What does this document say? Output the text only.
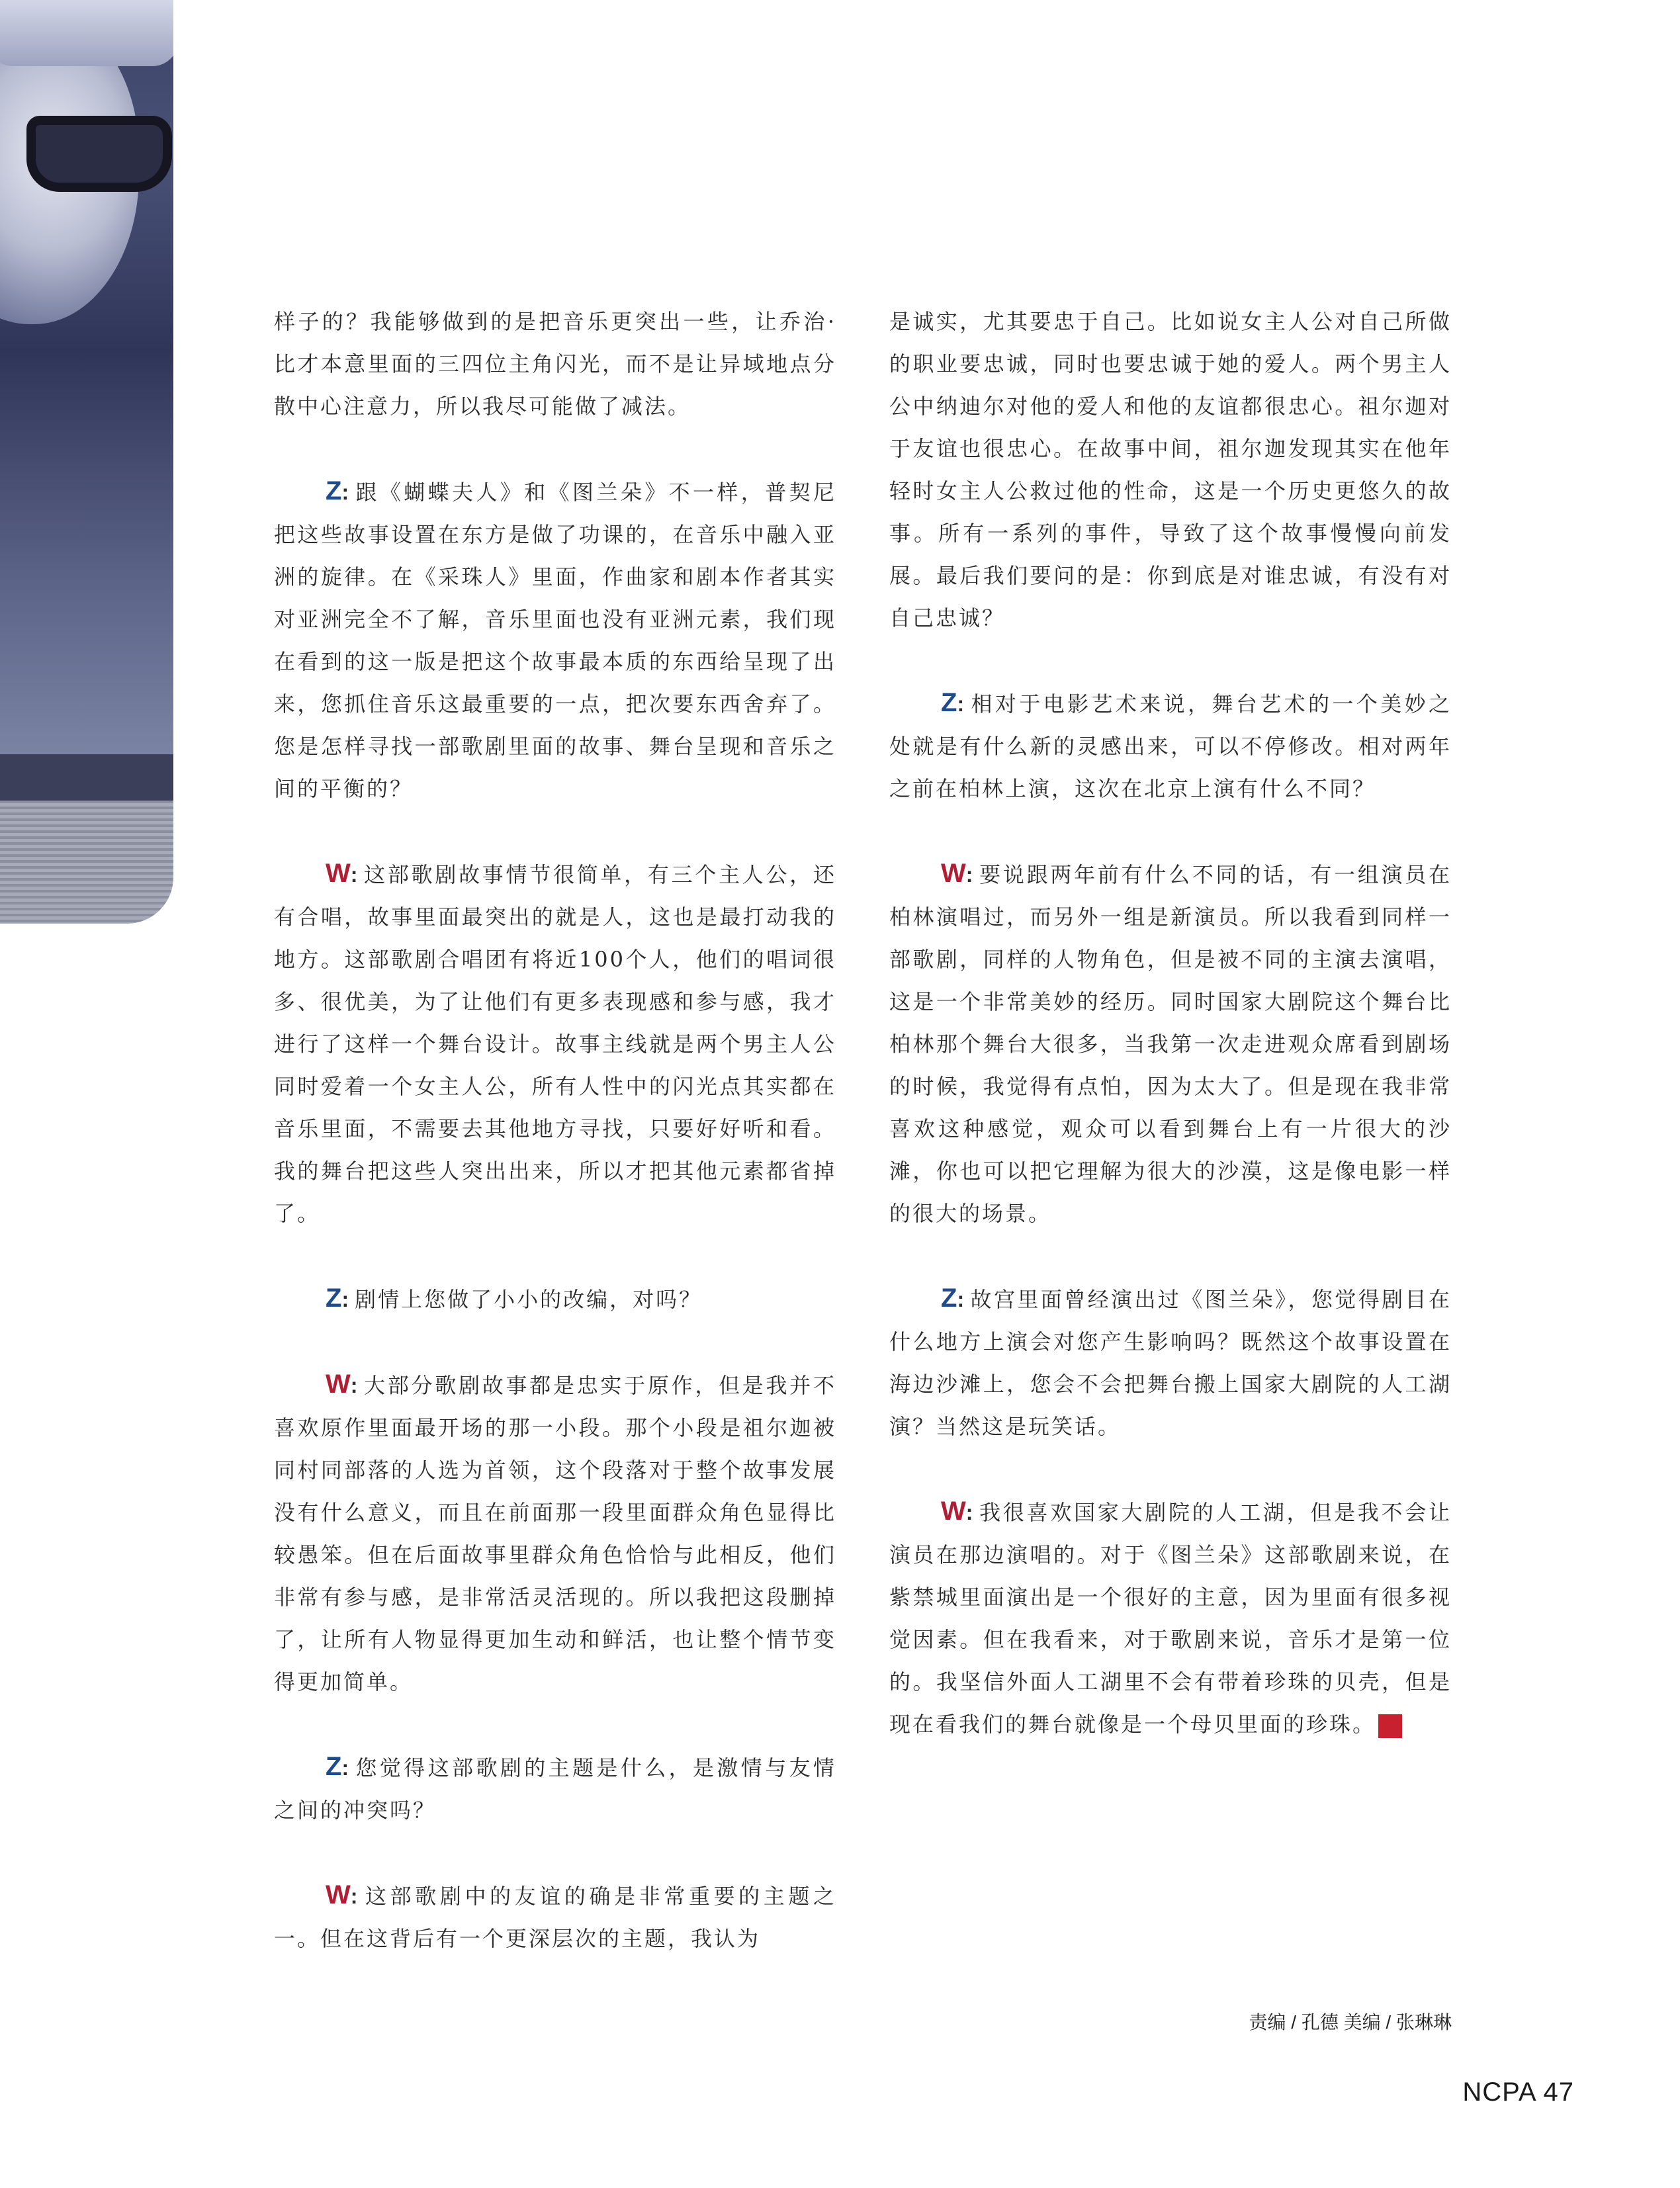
样子的？我能够做到的是把音乐更突出一些，让乔治·比才本意里面的三四位主角闪光，而不是让异域地点分散中心注意力，所以我尽可能做了减法。

Z: 跟《蝴蝶夫人》和《图兰朵》不一样，普契尼把这些故事设置在东方是做了功课的，在音乐中融入亚洲的旋律。在《采珠人》里面，作曲家和剧本作者其实对亚洲完全不了解，音乐里面也没有亚洲元素，我们现在看到的这一版是把这个故事最本质的东西给呈现了出来，您抓住音乐这最重要的一点，把次要东西舍弃了。您是怎样寻找一部歌剧里面的故事、舞台呈现和音乐之间的平衡的？

W: 这部歌剧故事情节很简单，有三个主人公，还有合唱，故事里面最突出的就是人，这也是最打动我的地方。这部歌剧合唱团有将近100个人，他们的唱词很多、很优美，为了让他们有更多表现感和参与感，我才进行了这样一个舞台设计。故事主线就是两个男主人公同时爱着一个女主人公，所有人性中的闪光点其实都在音乐里面，不需要去其他地方寻找，只要好好听和看。我的舞台把这些人突出出来，所以才把其他元素都省掉了。

Z: 剧情上您做了小小的改编，对吗？

W: 大部分歌剧故事都是忠实于原作，但是我并不喜欢原作里面最开场的那一小段。那个小段是祖尔迦被同村同部落的人选为首领，这个段落对于整个故事发展没有什么意义，而且在前面那一段里面群众角色显得比较愚笨。但在后面故事里群众角色恰恰与此相反，他们非常有参与感，是非常活灵活现的。所以我把这段删掉了，让所有人物显得更加生动和鲜活，也让整个情节变得更加简单。

Z: 您觉得这部歌剧的主题是什么，是激情与友情之间的冲突吗？

W: 这部歌剧中的友谊的确是非常重要的主题之一。但在这背后有一个更深层次的主题，我认为

是诚实，尤其要忠于自己。比如说女主人公对自己所做的职业要忠诚，同时也要忠诚于她的爱人。两个男主人公中纳迪尔对他的爱人和他的友谊都很忠心。祖尔迦对于友谊也很忠心。在故事中间，祖尔迦发现其实在他年轻时女主人公救过他的性命，这是一个历史更悠久的故事。所有一系列的事件，导致了这个故事慢慢向前发展。最后我们要问的是：你到底是对谁忠诚，有没有对自己忠诚？

Z: 相对于电影艺术来说，舞台艺术的一个美妙之处就是有什么新的灵感出来，可以不停修改。相对两年之前在柏林上演，这次在北京上演有什么不同？

W: 要说跟两年前有什么不同的话，有一组演员在柏林演唱过，而另外一组是新演员。所以我看到同样一部歌剧，同样的人物角色，但是被不同的主演去演唱，这是一个非常美妙的经历。同时国家大剧院这个舞台比柏林那个舞台大很多，当我第一次走进观众席看到剧场的时候，我觉得有点怕，因为太大了。但是现在我非常喜欢这种感觉，观众可以看到舞台上有一片很大的沙滩，你也可以把它理解为很大的沙漠，这是像电影一样的很大的场景。

Z: 故宫里面曾经演出过《图兰朵》，您觉得剧目在什么地方上演会对您产生影响吗？既然这个故事设置在海边沙滩上，您会不会把舞台搬上国家大剧院的人工湖演？当然这是玩笑话。

W: 我很喜欢国家大剧院的人工湖，但是我不会让演员在那边演唱的。对于《图兰朵》这部歌剧来说，在紫禁城里面演出是一个很好的主意，因为里面有很多视觉因素。但在我看来，对于歌剧来说，音乐才是第一位的。我坚信外面人工湖里不会有带着珍珠的贝壳，但是现在看我们的舞台就像是一个母贝里面的珍珠。	NCPA

责编 / 孔德 美编 / 张琳琳
NCPA 47
